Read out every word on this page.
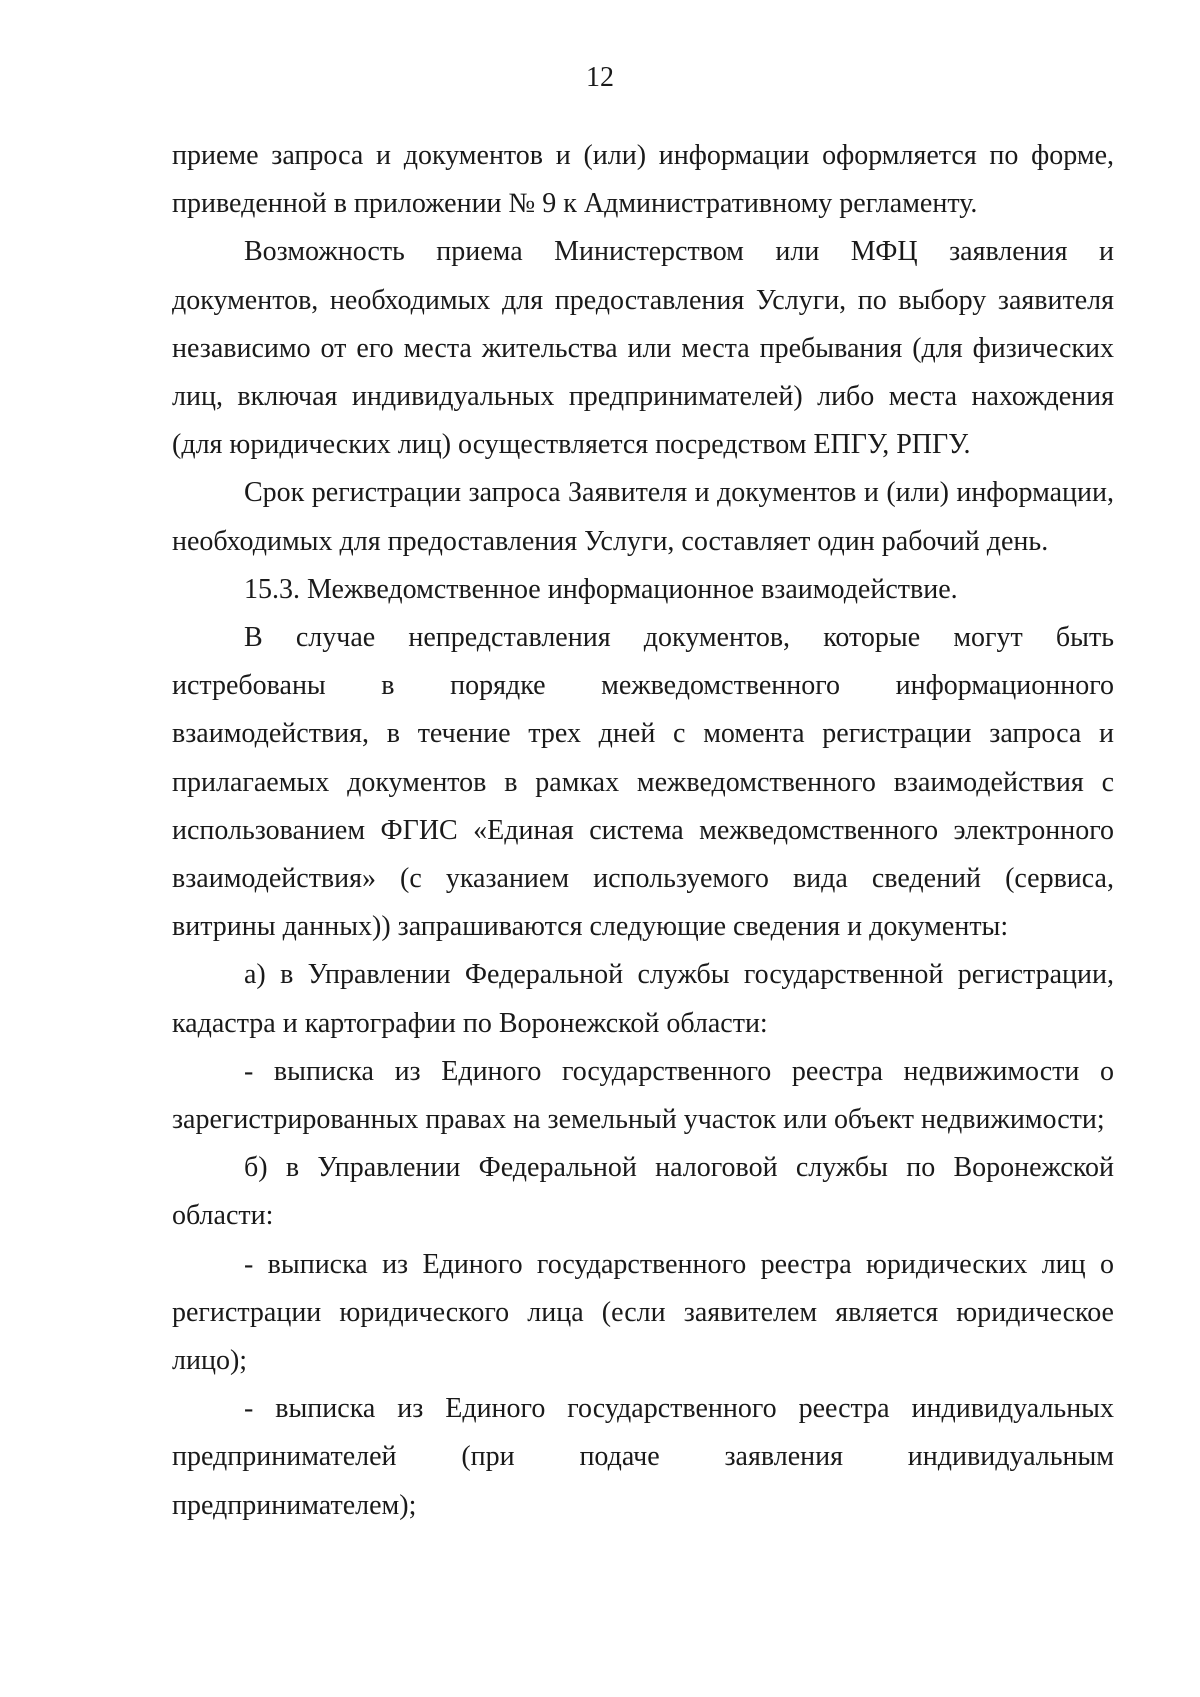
12

приеме запроса и документов и (или) информации оформляется по форме, приведенной в приложении № 9 к Административному регламенту.

Возможность приема Министерством или МФЦ заявления и документов, необходимых для предоставления Услуги, по выбору заявителя независимо от его места жительства или места пребывания (для физических лиц, включая индивидуальных предпринимателей) либо места нахождения (для юридических лиц) осуществляется посредством ЕПГУ, РПГУ.

Срок регистрации запроса Заявителя и документов и (или) информации, необходимых для предоставления Услуги, составляет один рабочий день.

15.3. Межведомственное информационное взаимодействие.

В случае непредставления документов, которые могут быть истребованы в порядке межведомственного информационного взаимодействия, в течение трех дней с момента регистрации запроса и прилагаемых документов в рамках межведомственного взаимодействия с использованием ФГИС «Единая система межведомственного электронного взаимодействия» (с указанием используемого вида сведений (сервиса, витрины данных)) запрашиваются следующие сведения и документы:

а) в Управлении Федеральной службы государственной регистрации, кадастра и картографии по Воронежской области:

- выписка из Единого государственного реестра недвижимости о зарегистрированных правах на земельный участок или объект недвижимости;

б) в Управлении Федеральной налоговой службы по Воронежской области:

- выписка из Единого государственного реестра юридических лиц о регистрации юридического лица (если заявителем является юридическое лицо);

- выписка из Единого государственного реестра индивидуальных предпринимателей (при подаче заявления индивидуальным предпринимателем);
